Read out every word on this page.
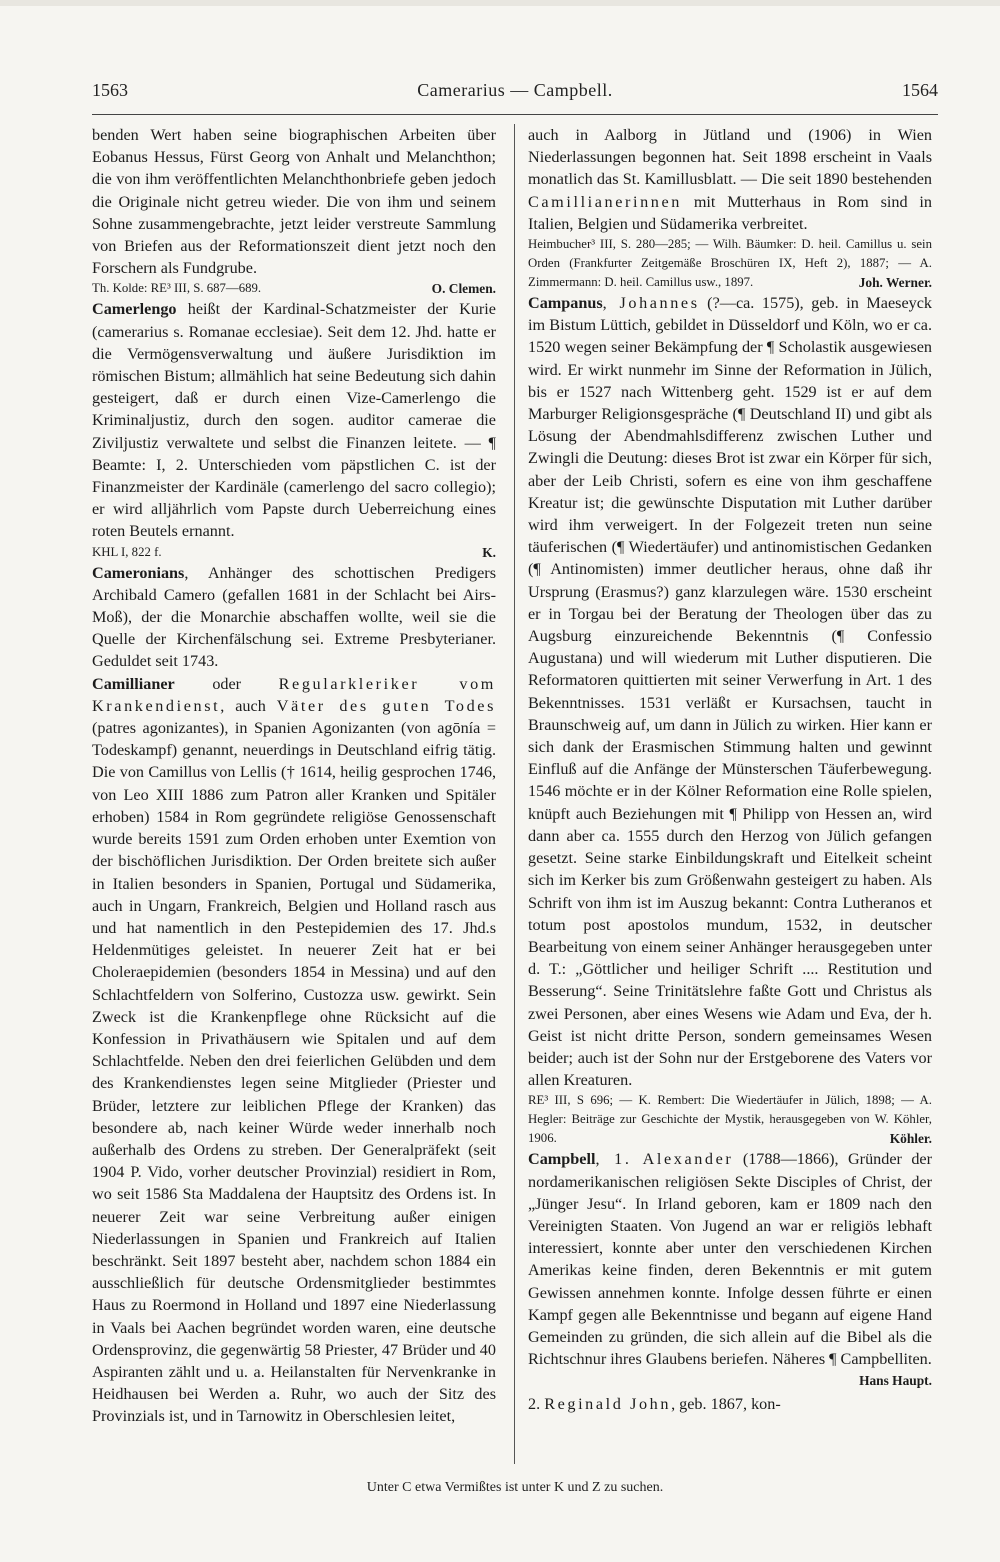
1563	Camerarius — Campbell.	1564

benden Wert haben seine biographischen Arbeiten über Eobanus Hessus, Fürst Georg von Anhalt und Melanchthon; die von ihm veröffentlichten Melanchthonbriefe geben jedoch die Originale nicht getreu wieder. Die von ihm und seinem Sohne zusammengebrachte, jetzt leider verstreute Sammlung von Briefen aus der Reformationszeit dient jetzt noch den Forschern als Fundgrube.

Th. Kolde: RE³ III, S. 687—689.	O. Clemen.

Camerlengo heißt der Kardinal-Schatzmeister der Kurie (camerarius s. Romanae ecclesiae). Seit dem 12. Jhd. hatte er die Vermögensverwaltung und äußere Jurisdiktion im römischen Bistum; allmählich hat seine Bedeutung sich dahin gesteigert, daß er durch einen Vize-Camerlengo die Kriminaljustiz, durch den sogen. auditor camerae die Ziviljustiz verwaltete und selbst die Finanzen leitete. — ¶ Beamte: I, 2. Unterschieden vom päpstlichen C. ist der Finanzmeister der Kardinäle (camerlengo del sacro collegio); er wird alljährlich vom Papste durch Ueberreichung eines roten Beutels ernannt.

KHL I, 822 f.	K.

Cameronians, Anhänger des schottischen Predigers Archibald Camero (gefallen 1681 in der Schlacht bei Airs-Moß), der die Monarchie abschaffen wollte, weil sie die Quelle der Kirchenfälschung sei. Extreme Presbyterianer. Geduldet seit 1743.

Camillianer oder Regularkleriker vom Krankendienst, auch Väter des guten Todes (patres agonizantes), in Spanien Agonizanten (von agōnía = Todeskampf) genannt, neuerdings in Deutschland eifrig tätig. Die von Camillus von Lellis († 1614, heilig gesprochen 1746, von Leo XIII 1886 zum Patron aller Kranken und Spitäler erhoben) 1584 in Rom gegründete religiöse Genossenschaft wurde bereits 1591 zum Orden erhoben unter Exemtion von der bischöflichen Jurisdiktion. Der Orden breitete sich außer in Italien besonders in Spanien, Portugal und Südamerika, auch in Ungarn, Frankreich, Belgien und Holland rasch aus und hat namentlich in den Pestepidemien des 17. Jhd.s Heldenmütiges geleistet. In neuerer Zeit hat er bei Choleraepidemien (besonders 1854 in Messina) und auf den Schlachtfeldern von Solferino, Custozza usw. gewirkt. Sein Zweck ist die Krankenpflege ohne Rücksicht auf die Konfession in Privathäusern wie Spitalen und auf dem Schlachtfelde. Neben den drei feierlichen Gelübden und dem des Krankendienstes legen seine Mitglieder (Priester und Brüder, letztere zur leiblichen Pflege der Kranken) das besondere ab, nach keiner Würde weder innerhalb noch außerhalb des Ordens zu streben. Der Generalpräfekt (seit 1904 P. Vido, vorher deutscher Provinzial) residiert in Rom, wo seit 1586 Sta Maddalena der Hauptsitz des Ordens ist. In neuerer Zeit war seine Verbreitung außer einigen Niederlassungen in Spanien und Frankreich auf Italien beschränkt. Seit 1897 besteht aber, nachdem schon 1884 ein ausschließlich für deutsche Ordensmitglieder bestimmtes Haus zu Roermond in Holland und 1897 eine Niederlassung in Vaals bei Aachen begründet worden waren, eine deutsche Ordensprovinz, die gegenwärtig 58 Priester, 47 Brüder und 40 Aspiranten zählt und u. a. Heilanstalten für Nervenkranke in Heidhausen bei Werden a. Ruhr, wo auch der Sitz des Provinzials ist, und in Tarnowitz in Oberschlesien leitet,

auch in Aalborg in Jütland und (1906) in Wien Niederlassungen begonnen hat. Seit 1898 erscheint in Vaals monatlich das St. Kamillusblatt. — Die seit 1890 bestehenden Camillianerinnen mit Mutterhaus in Rom sind in Italien, Belgien und Südamerika verbreitet.

Heimbucher³ III, S. 280—285; — Wilh. Bäumker: D. heil. Camillus u. sein Orden (Frankfurter Zeitgemäße Broschüren IX, Heft 2), 1887; — A. Zimmermann: D. heil. Camillus usw., 1897.	Joh. Werner.

Campanus, Johannes (?—ca. 1575), geb. in Maeseyck im Bistum Lüttich, gebildet in Düsseldorf und Köln, wo er ca. 1520 wegen seiner Bekämpfung der ¶ Scholastik ausgewiesen wird. Er wirkt nunmehr im Sinne der Reformation in Jülich, bis er 1527 nach Wittenberg geht. 1529 ist er auf dem Marburger Religionsgespräche (¶ Deutschland II) und gibt als Lösung der Abendmahlsdifferenz zwischen Luther und Zwingli die Deutung: dieses Brot ist zwar ein Körper für sich, aber der Leib Christi, sofern es eine von ihm geschaffene Kreatur ist; die gewünschte Disputation mit Luther darüber wird ihm verweigert. In der Folgezeit treten nun seine täuferischen (¶ Wiedertäufer) und antinomistischen Gedanken (¶ Antinomisten) immer deutlicher heraus, ohne daß ihr Ursprung (Erasmus?) ganz klarzulegen wäre. 1530 erscheint er in Torgau bei der Beratung der Theologen über das zu Augsburg einzureichende Bekenntnis (¶ Confessio Augustana) und will wiederum mit Luther disputieren. Die Reformatoren quittierten mit seiner Verwerfung in Art. 1 des Bekenntnisses. 1531 verläßt er Kursachsen, taucht in Braunschweig auf, um dann in Jülich zu wirken. Hier kann er sich dank der Erasmischen Stimmung halten und gewinnt Einfluß auf die Anfänge der Münsterschen Täuferbewegung. 1546 möchte er in der Kölner Reformation eine Rolle spielen, knüpft auch Beziehungen mit ¶ Philipp von Hessen an, wird dann aber ca. 1555 durch den Herzog von Jülich gefangen gesetzt. Seine starke Einbildungskraft und Eitelkeit scheint sich im Kerker bis zum Größenwahn gesteigert zu haben. Als Schrift von ihm ist im Auszug bekannt: Contra Lutheranos et totum post apostolos mundum, 1532, in deutscher Bearbeitung von einem seiner Anhänger herausgegeben unter d. T.: „Göttlicher und heiliger Schrift .... Restitution und Besserung“. Seine Trinitätslehre faßte Gott und Christus als zwei Personen, aber eines Wesens wie Adam und Eva, der h. Geist ist nicht dritte Person, sondern gemeinsames Wesen beider; auch ist der Sohn nur der Erstgeborene des Vaters vor allen Kreaturen.

RE³ III, S 696; — K. Rembert: Die Wiedertäufer in Jülich, 1898; — A. Hegler: Beiträge zur Geschichte der Mystik, herausgegeben von W. Köhler, 1906.	Köhler.

Campbell, 1. Alexander (1788—1866), Gründer der nordamerikanischen religiösen Sekte Disciples of Christ, der „Jünger Jesu“. In Irland geboren, kam er 1809 nach den Vereinigten Staaten. Von Jugend an war er religiös lebhaft interessiert, konnte aber unter den verschiedenen Kirchen Amerikas keine finden, deren Bekenntnis er mit gutem Gewissen annehmen konnte. Infolge dessen führte er einen Kampf gegen alle Bekenntnisse und begann auf eigene Hand Gemeinden zu gründen, die sich allein auf die Bibel als die Richtschnur ihres Glaubens beriefen. Näheres ¶ Campbelliten.
Hans Haupt.

2. Reginald John, geb. 1867, kon-

Unter C etwa Vermißtes ist unter K und Z zu suchen.
